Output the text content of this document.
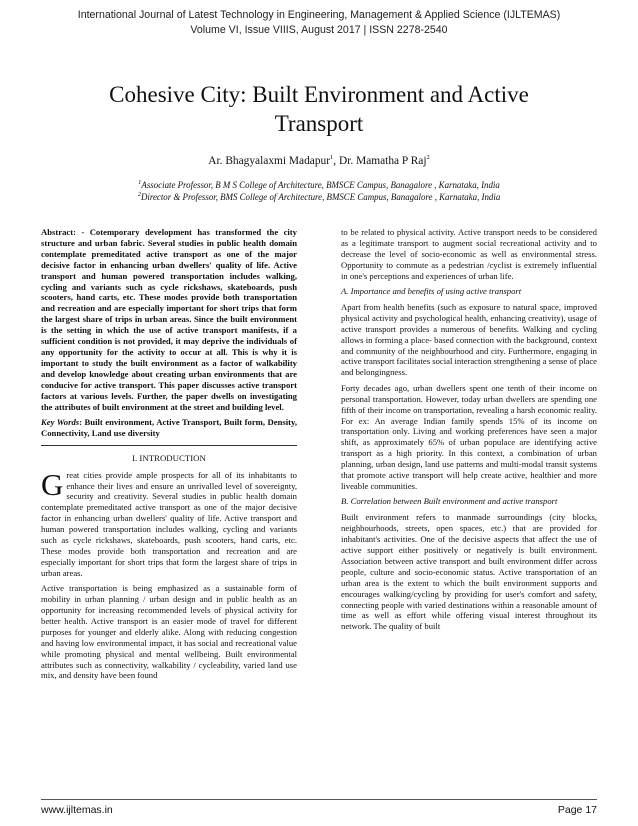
International Journal of Latest Technology in Engineering, Management & Applied Science (IJLTEMAS)
Volume VI, Issue VIIIS, August 2017 | ISSN 2278-2540
Cohesive City: Built Environment and Active
Transport
Ar. Bhagyalaxmi Madapur$^1$, Dr. Mamatha P Raj$^2$
$^1$Associate Professor, B M S College of Architecture, BMSCE Campus, Banagalore , Karnataka, India
$^2$Director & Professor, BMS College of Architecture, BMSCE Campus, Banagalore , Karnataka, India

Abstract: - Cotemporary development has transformed the city structure and urban fabric. Several studies in public health domain contemplate premeditated active transport as one of the major decisive factor in enhancing urban dwellers' quality of life. Active transport and human powered transportation includes walking, cycling and variants such as cycle rickshaws, skateboards, push scooters, hand carts, etc. These modes provide both transportation and recreation and are especially important for short trips that form the largest share of trips in urban areas. Since the built environment is the setting in which the use of active transport manifests, if a sufficient condition is not provided, it may deprive the individuals of any opportunity for the activity to occur at all. This is why it is important to study the built environment as a factor of walkability and develop knowledge about creating urban environments that are conducive for active transport. This paper discusses active transport factors at various levels. Further, the paper dwells on investigating the attributes of built environment at the street and building level.

Key Words: Built environment, Active Transport, Built form, Density, Connectivity, Land use diversity

I. INTRODUCTION

Great cities provide ample prospects for all of its inhabitants to enhance their lives and ensure an unrivalled level of sovereignty, security and creativity. Several studies in public health domain contemplate premeditated active transport as one of the major decisive factor in enhancing urban dwellers' quality of life. Active transport and human powered transportation includes walking, cycling and variants such as cycle rickshaws, skateboards, push scooters, hand carts, etc. These modes provide both transportation and recreation and are especially important for short trips that form the largest share of trips in urban areas.

Active transportation is being emphasized as a sustainable form of mobility in urban planning / urban design and in public health as an opportunity for increasing recommended levels of physical activity for better health. Active transport is an easier mode of travel for different purposes for younger and elderly alike. Along with reducing congestion and having low environmental impact, it has social and recreational value while promoting physical and mental wellbeing. Built environmental attributes such as connectivity, walkability / cycleability, varied land use mix, and density have been found

to be related to physical activity. Active transport needs to be considered as a legitimate transport to augment social recreational activity and to decrease the level of socio-economic as well as environmental stress. Opportunity to commute as a pedestrian /cyclist is extremely influential in one's perceptions and experiences of urban life.

A. Importance and benefits of using active transport

Apart from health benefits (such as exposure to natural space, improved physical activity and psychological health, enhancing creativity), usage of active transport provides a numerous of benefits. Walking and cycling allows in forming a place- based connection with the background, context and community of the neighbourhood and city. Furthermore, engaging in active transport facilitates social interaction strengthening a sense of place and belongingness.

Forty decades ago, urban dwellers spent one tenth of their income on personal transportation. However, today urban dwellers are spending one fifth of their income on transportation, revealing a harsh economic reality. For ex: An average Indian family spends 15% of its income on transportation only. Living and working preferences have seen a major shift, as approximately 65% of urban populace are identifying active transport as a high priority. In this context, a combination of urban planning, urban design, land use patterns and multi-modal transit systems that promote active transport will help create active, healthier and more liveable communities.

B. Correlation between Built environment and active transport

Built environment refers to manmade surroundings (city blocks, neighbourhoods, streets, open spaces, etc.) that are provided for inhabitant's activities. One of the decisive aspects that affect the use of active support either positively or negatively is built environment. Association between active transport and built environment differ across people, culture and socio-economic status. Active transportation of an urban area is the extent to which the built environment supports and encourages walking/cycling by providing for user's comfort and safety, connecting people with varied destinations within a reasonable amount of time as well as effort while offering visual interest throughout its network. The quality of built

www.ijltemas.in	Page 17
